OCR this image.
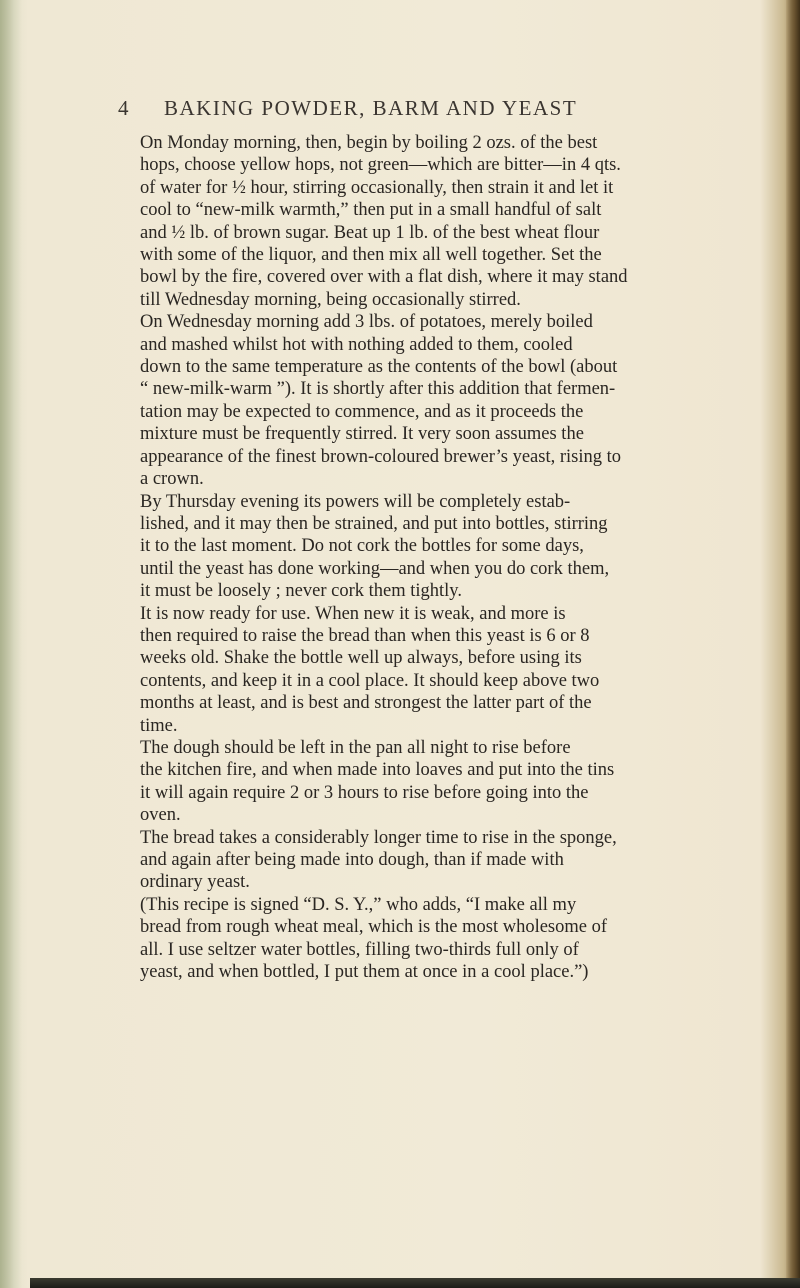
4 BAKING POWDER, BARM AND YEAST
On Monday morning, then, begin by boiling 2 ozs. of the best
hops, choose yellow hops, not green—which are bitter—in 4 qts.
of water for ½ hour, stirring occasionally, then strain it and let it
cool to “new-milk warmth,” then put in a small handful of salt
and ½ lb. of brown sugar. Beat up 1 lb. of the best wheat flour
with some of the liquor, and then mix all well together. Set the
bowl by the fire, covered over with a flat dish, where it may stand
till Wednesday morning, being occasionally stirred.
On Wednesday morning add 3 lbs. of potatoes, merely boiled
and mashed whilst hot with nothing added to them, cooled
down to the same temperature as the contents of the bowl (about
“ new-milk-warm ”). It is shortly after this addition that fermen-
tation may be expected to commence, and as it proceeds the
mixture must be frequently stirred. It very soon assumes the
appearance of the finest brown-coloured brewer’s yeast, rising to
a crown.
By Thursday evening its powers will be completely estab-
lished, and it may then be strained, and put into bottles, stirring
it to the last moment. Do not cork the bottles for some days,
until the yeast has done working—and when you do cork them,
it must be loosely ; never cork them tightly.
It is now ready for use. When new it is weak, and more is
then required to raise the bread than when this yeast is 6 or 8
weeks old. Shake the bottle well up always, before using its
contents, and keep it in a cool place. It should keep above two
months at least, and is best and strongest the latter part of the
time.
The dough should be left in the pan all night to rise before
the kitchen fire, and when made into loaves and put into the tins
it will again require 2 or 3 hours to rise before going into the
oven.
The bread takes a considerably longer time to rise in the sponge,
and again after being made into dough, than if made with
ordinary yeast.
(This recipe is signed “D. S. Y.,” who adds, “I make all my
bread from rough wheat meal, which is the most wholesome of
all. I use seltzer water bottles, filling two-thirds full only of
yeast, and when bottled, I put them at once in a cool place.”)
